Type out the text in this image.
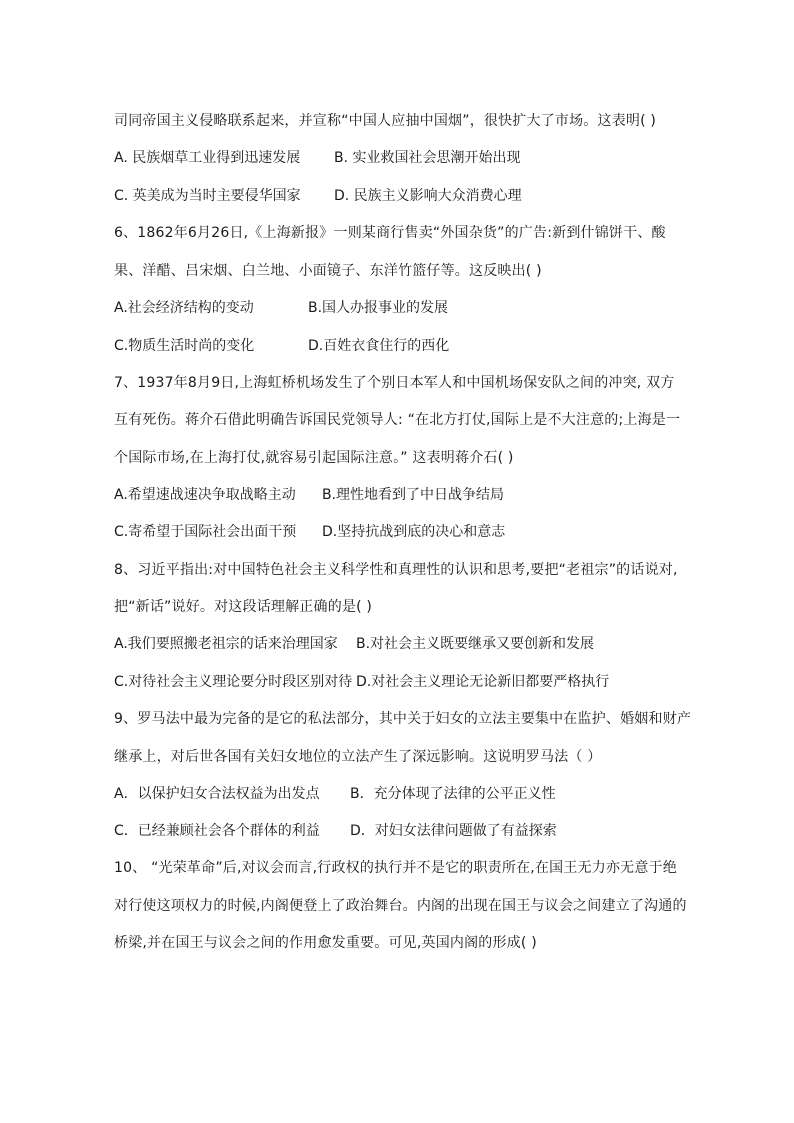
司同帝国主义侵略联系起来，并宣称“中国人应抽中国烟”，很快扩大了市场。这表明( )
A. 民族烟草工业得到迅速发展 B. 实业救国社会思潮开始出现
C. 英美成为当时主要侵华国家 D. 民族主义影响大众消费心理
6、1862年6月26日,《上海新报》一则某商行售卖“外国杂货”的广告:新到什锦饼干、酸
果、洋醋、吕宋烟、白兰地、小面镜子、东洋竹篮仔等。这反映出( )
A.社会经济结构的变动	B.国人办报事业的发展
C.物质生活时尚的变化	D.百姓衣食住行的西化
7、1937年8月9日,上海虹桥机场发生了个别日本军人和中国机场保安队之间的冲突, 双方
互有死伤。蒋介石借此明确告诉国民党领导人: “在北方打仗,国际上是不大注意的;上海是一
个国际市场,在上海打仗,就容易引起国际注意。” 这表明蒋介石( )
A.希望速战速决争取战略主动 B.理性地看到了中日战争结局
C.寄希望于国际社会出面干预 D.坚持抗战到底的决心和意志
8、习近平指出:对中国特色社会主义科学性和真理性的认识和思考,要把“老祖宗”的话说对,
把“新话”说好。对这段话理解正确的是( )
A.我们要照搬老祖宗的话来治理国家 B.对社会主义既要继承又要创新和发展
C.对待社会主义理论要分时段区别对待 D.对社会主义理论无论新旧都要严格执行
9、罗马法中最为完备的是它的私法部分，其中关于妇女的立法主要集中在监护、婚姻和财产
继承上，对后世各国有关妇女地位的立法产生了深远影响。这说明罗马法（ ）
A．以保护妇女合法权益为出发点 B．充分体现了法律的公平正义性
C．已经兼顾社会各个群体的利益 D．对妇女法律问题做了有益探索
10、 “光荣革命”后,对议会而言,行政权的执行并不是它的职责所在,在国王无力亦无意于绝
对行使这项权力的时候,内阁便登上了政治舞台。内阁的出现在国王与议会之间建立了沟通的
桥梁,并在国王与议会之间的作用愈发重要。可见,英国内阁的形成( )
